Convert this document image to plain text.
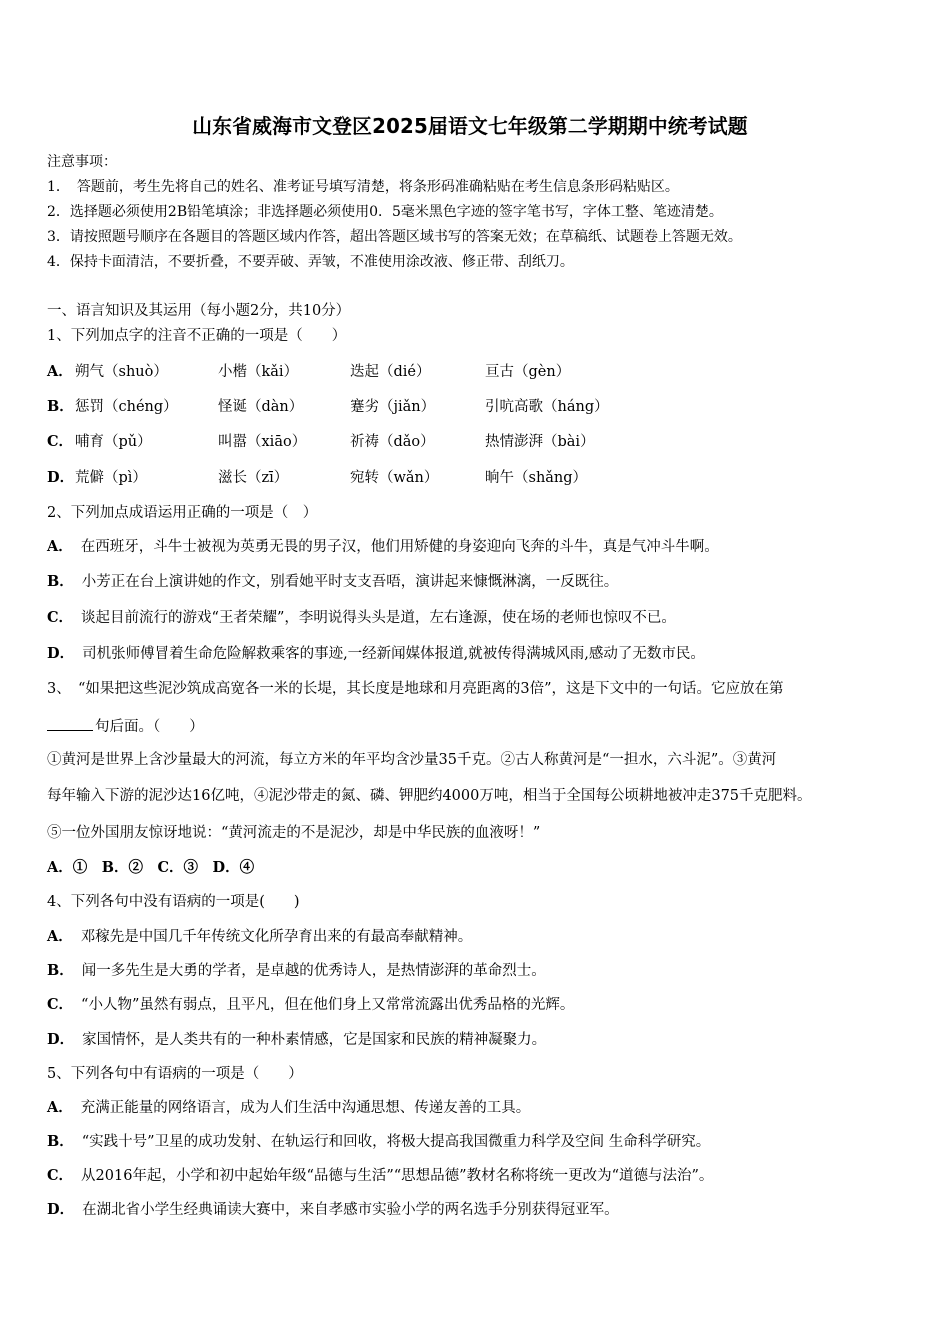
山东省威海市文登区2025届语文七年级第二学期期中统考试题
注意事项：
1．　答题前，考生先将自己的姓名、准考证号填写清楚，将条形码准确粘贴在考生信息条形码粘贴区。
2．选择题必须使用2B铅笔填涂；非选择题必须使用0．5毫米黑色字迹的签字笔书写，字体工整、笔迹清楚。
3．请按照题号顺序在各题目的答题区域内作答，超出答题区域书写的答案无效；在草稿纸、试题卷上答题无效。
4．保持卡面清洁，不要折叠，不要弄破、弄皱，不准使用涂改液、修正带、刮纸刀。
一、语言知识及其运用（每小题2分，共10分）
1、下列加点字的注音不正确的一项是（　　）
A． 朔气（shuò）	小楷（kǎi）	迭起（dié）	亘古（gèn）
B． 惩罚（chéng）	怪诞（dàn）	蹇劣（jiǎn）	引吭高歌（háng）
C． 哺育（pǔ）	叫嚣（xiāo）	祈祷（dǎo）	热情澎湃（bài）
D． 荒僻（pì）	滋长（zī）	宛转（wǎn）	晌午（shǎng）
2、下列加点成语运用正确的一项是（　）
A． 在西班牙，斗牛士被视为英勇无畏的男子汉，他们用矫健的身姿迎向飞奔的斗牛，真是气冲斗牛啊。
B． 小芳正在台上演讲她的作文，别看她平时支支吾唔，演讲起来慷慨淋漓，一反既往。
C． 谈起目前流行的游戏“王者荣耀”，李明说得头头是道，左右逢源，使在场的老师也惊叹不已。
D． 司机张师傅冒着生命危险解救乘客的事迹,一经新闻媒体报道,就被传得满城风雨,感动了无数市民。
3、　“如果把这些泥沙筑成高宽各一米的长堤，其长度是地球和月亮距离的3倍”，这是下文中的一句话。它应放在第
句后面。（　　）
①黄河是世界上含沙量最大的河流，每立方米的年平均含沙量35千克。②古人称黄河是“一担水，六斗泥”。③黄河
每年输入下游的泥沙达16亿吨，④泥沙带走的氮、磷、钾肥约4000万吨，相当于全国每公顷耕地被冲走375千克肥料。
⑤一位外国朋友惊讶地说：“黄河流走的不是泥沙，却是中华民族的血液呀！”
A．①　B．②　C．③　D．④
4、下列各句中没有语病的一项是(　　)
A． 邓稼先是中国几千年传统文化所孕育出来的有最高奉献精神。
B． 闻一多先生是大勇的学者，是卓越的优秀诗人，是热情澎湃的革命烈士。
C． “小人物”虽然有弱点，且平凡，但在他们身上又常常流露出优秀品格的光辉。
D． 家国情怀，是人类共有的一种朴素情感，它是国家和民族的精神凝聚力。
5、下列各句中有语病的一项是（　　）
A． 充满正能量的网络语言，成为人们生活中沟通思想、传递友善的工具。
B． “实践十号”卫星的成功发射、在轨运行和回收，将极大提高我国微重力科学及空间 生命科学研究。
C． 从2016年起，小学和初中起始年级“品德与生活”“思想品德”教材名称将统一更改为“道德与法治”。
D． 在湖北省小学生经典诵读大赛中，来自孝感市实验小学的两名选手分别获得冠亚军。
